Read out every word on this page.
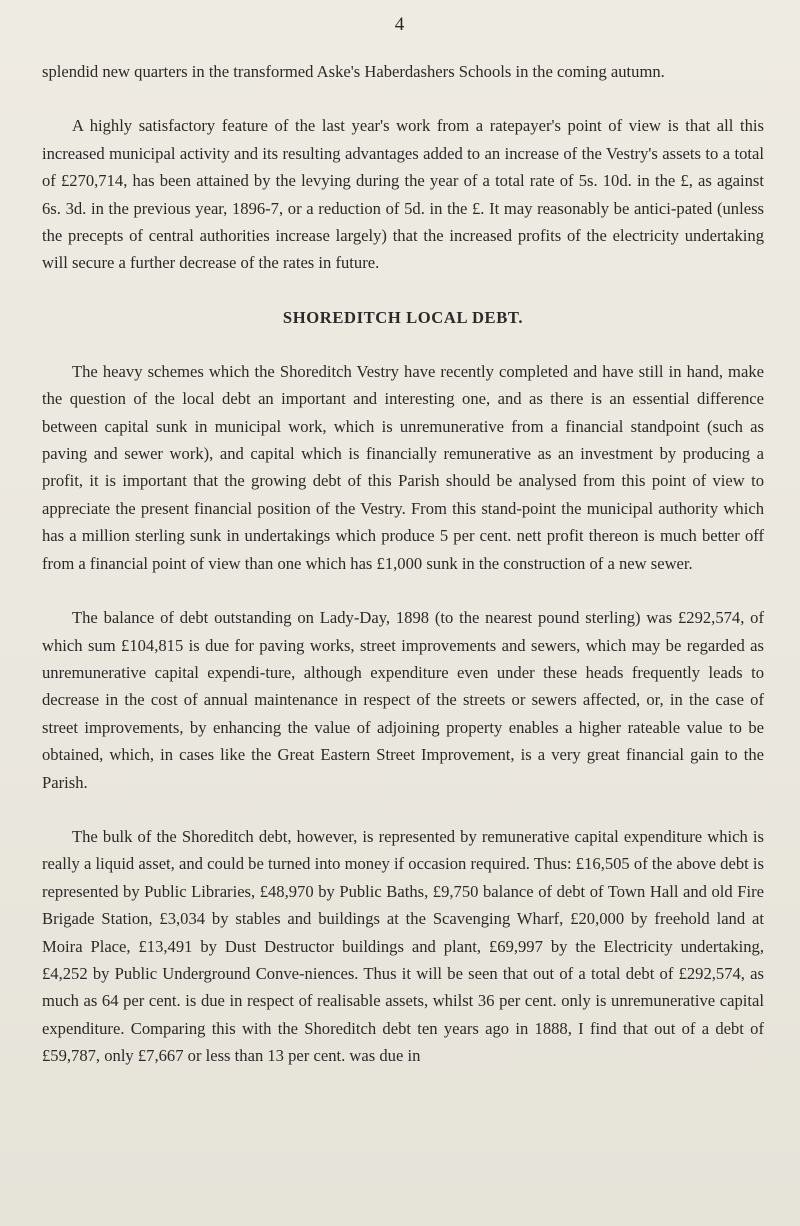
4

splendid new quarters in the transformed Aske's Haberdashers Schools in the coming autumn.

A highly satisfactory feature of the last year's work from a ratepayer's point of view is that all this increased municipal activity and its resulting advantages added to an increase of the Vestry's assets to a total of £270,714, has been attained by the levying during the year of a total rate of 5s. 10d. in the £, as against 6s. 3d. in the previous year, 1896-7, or a reduction of 5d. in the £. It may reasonably be antici-pated (unless the precepts of central authorities increase largely) that the increased profits of the electricity undertaking will secure a further decrease of the rates in future.

SHOREDITCH LOCAL DEBT.

The heavy schemes which the Shoreditch Vestry have recently completed and have still in hand, make the question of the local debt an important and interesting one, and as there is an essential difference between capital sunk in municipal work, which is unremunerative from a financial standpoint (such as paving and sewer work), and capital which is financially remunerative as an investment by producing a profit, it is important that the growing debt of this Parish should be analysed from this point of view to appreciate the present financial position of the Vestry. From this stand-point the municipal authority which has a million sterling sunk in undertakings which produce 5 per cent. nett profit thereon is much better off from a financial point of view than one which has £1,000 sunk in the construction of a new sewer.

The balance of debt outstanding on Lady-Day, 1898 (to the nearest pound sterling) was £292,574, of which sum £104,815 is due for paving works, street improvements and sewers, which may be regarded as unremunerative capital expendi-ture, although expenditure even under these heads frequently leads to decrease in the cost of annual maintenance in respect of the streets or sewers affected, or, in the case of street improvements, by enhancing the value of adjoining property enables a higher rateable value to be obtained, which, in cases like the Great Eastern Street Improvement, is a very great financial gain to the Parish.

The bulk of the Shoreditch debt, however, is represented by remunerative capital expenditure which is really a liquid asset, and could be turned into money if occasion required. Thus: £16,505 of the above debt is represented by Public Libraries, £48,970 by Public Baths, £9,750 balance of debt of Town Hall and old Fire Brigade Station, £3,034 by stables and buildings at the Scavenging Wharf, £20,000 by freehold land at Moira Place, £13,491 by Dust Destructor buildings and plant, £69,997 by the Electricity undertaking, £4,252 by Public Underground Conve-niences. Thus it will be seen that out of a total debt of £292,574, as much as 64 per cent. is due in respect of realisable assets, whilst 36 per cent. only is unremunerative capital expenditure. Comparing this with the Shoreditch debt ten years ago in 1888, I find that out of a debt of £59,787, only £7,667 or less than 13 per cent. was due in
